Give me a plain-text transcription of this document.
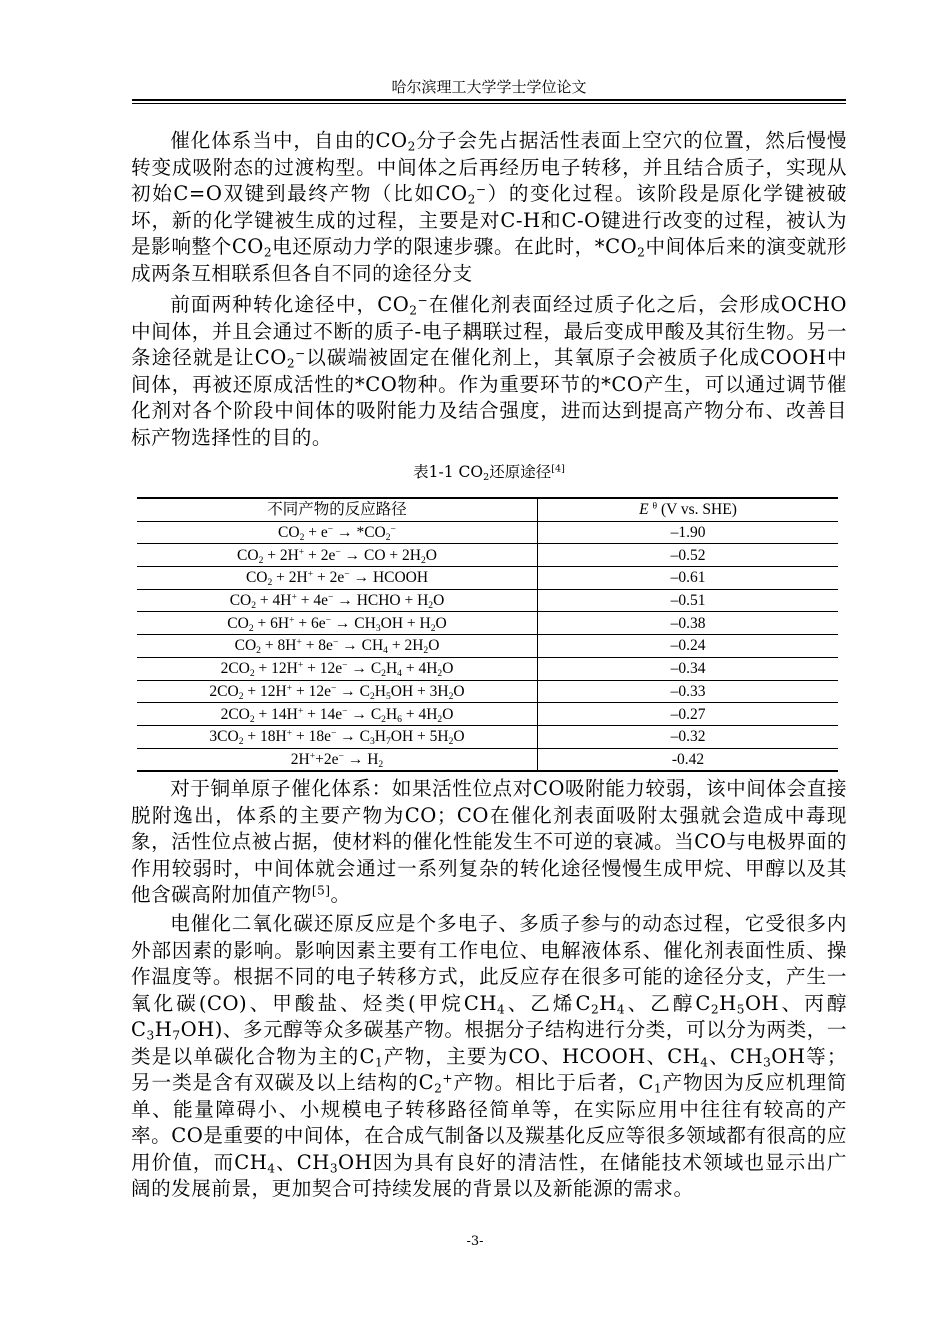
哈尔滨理工大学学士学位论文

催化体系当中，自由的$CO_2$分子会先占据活性表面上空穴的位置，然后慢慢转变成吸附态的过渡构型。中间体之后再经历电子转移，并且结合质子，实现从初始C=O双键到最终产物（比如$CO_2^-$）的变化过程。该阶段是原化学键被破坏，新的化学键被生成的过程，主要是对C-H和C-O键进行改变的过程，被认为是影响整个$CO_2$电还原动力学的限速步骤。在此时，$*CO_2$中间体后来的演变就形成两条互相联系但各自不同的途径分支

前面两种转化途径中，$CO_2^-$在催化剂表面经过质子化之后，会形成OCHO中间体，并且会通过不断的质子-电子耦联过程，最后变成甲酸及其衍生物。另一条途径就是让$CO_2^-$以碳端被固定在催化剂上，其氧原子会被质子化成COOH中间体，再被还原成活性的*CO物种。作为重要环节的*CO产生，可以通过调节催化剂对各个阶段中间体的吸附能力及结合强度，进而达到提高产物分布、改善目标产物选择性的目的。

表1-1 $CO_2$还原途径[4]
不同产物的反应路径	E $^\theta$ (V vs. SHE)
$CO_2 + e^- \to *CO_2^-$	–1.90
$CO_2 + 2H^+ + 2e^-$ → CO + $2H_2O$	–0.52
$CO_2 + 2H^+ + 2e^-$ → HCOOH	–0.61
$CO_2 + 4H^+ + 4e^-$ → HCHO + $H_2O$	–0.51
$CO_2 + 6H^+ + 6e^- \to CH_3OH + H_2O$	–0.38
$CO_2 + 8H^+ + 8e^- \to CH_4 + 2H_2O$	–0.24
$2CO_2 + 12H^+ + 12e^- \to C_2H_4 + 4H_2O$	–0.34
$2CO_2 + 12H^+ + 12e^- \to C_2H_5OH + 3H_2O$	–0.33
$2CO_2 + 14H^+ + 14e^- \to C_2H_6 + 4H_2O$	–0.27
$3CO_2 + 18H^+ + 18e^- \to C_3H_7OH + 5H_2O$	–0.32
$2H^++2e^- \to H_2$	-0.42

对于铜单原子催化体系：如果活性位点对CO吸附能力较弱，该中间体会直接脱附逸出，体系的主要产物为CO；CO在催化剂表面吸附太强就会造成中毒现象，活性位点被占据，使材料的催化性能发生不可逆的衰减。当CO与电极界面的作用较弱时，中间体就会通过一系列复杂的转化途径慢慢生成甲烷、甲醇以及其他含碳高附加值产物[5]。

电催化二氧化碳还原反应是个多电子、多质子参与的动态过程，它受很多内外部因素的影响。影响因素主要有工作电位、电解液体系、催化剂表面性质、操作温度等。根据不同的电子转移方式，此反应存在很多可能的途径分支，产生一氧化碳(CO)、甲酸盐、烃类(甲烷$CH_4$、乙烯$C_2H_4$、乙醇$C_2H_5OH$、丙醇$C_3H_7OH$)、多元醇等众多碳基产物。根据分子结构进行分类，可以分为两类，一类是以单碳化合物为主的$C_1$产物，主要为CO、HCOOH、$CH_4$、$CH_3OH$等；另一类是含有双碳及以上结构的$C_2^+$产物。相比于后者，$C_1$产物因为反应机理简单、能量障碍小、小规模电子转移路径简单等，在实际应用中往往有较高的产率。CO是重要的中间体，在合成气制备以及羰基化反应等很多领域都有很高的应用价值，而$CH_4$、$CH_3OH$因为具有良好的清洁性，在储能技术领域也显示出广阔的发展前景，更加契合可持续发展的背景以及新能源的需求。

-3-
